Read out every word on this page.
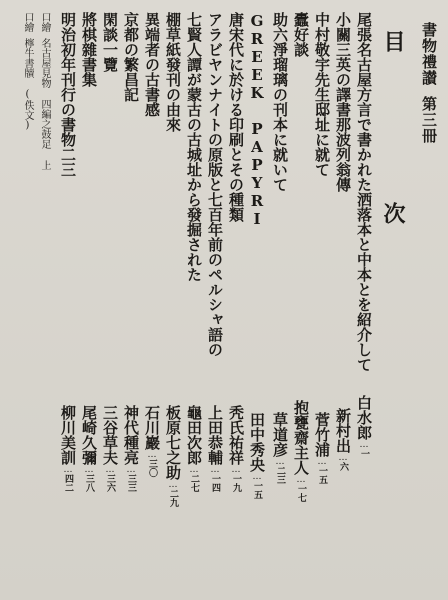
書物禮讃第三冊
目次
尾張名古屋方言で書かれた洒落本と中本とを紹介して
小關三英の譯書那波列翁傳
中村敬宇先生邸址に就て
蠹好談
助六淨瑠璃の刊本に就いて
GREEK PAPYRI
唐宋代に於ける印刷とその種類
アラビヤンナイトの原版と七百年前のペルシャ語の
七賢人譚が蒙古の古城址から發掘された
棚草紙發刊の由來
異端者の古書感
京都の繁昌記
閑談一覽
將棋雜書集
明治初年刊行の書物二三
口繪名古屋見物 四編之鼓足 上
口繪檸牛書牘 (佚文)
白水郎…一
新村出…六
菅竹浦…一五
抱甕齋主人…一七
草道彦…二三
田中秀央…一五
秃氏祐祥…一九
上田恭輔…一四
龜田次郎…二七
板原七之助…二九
石川巖…三〇
神代種亮…三三
三谷草夫…三六
尾崎久彌…三八
柳川美訓…四二
